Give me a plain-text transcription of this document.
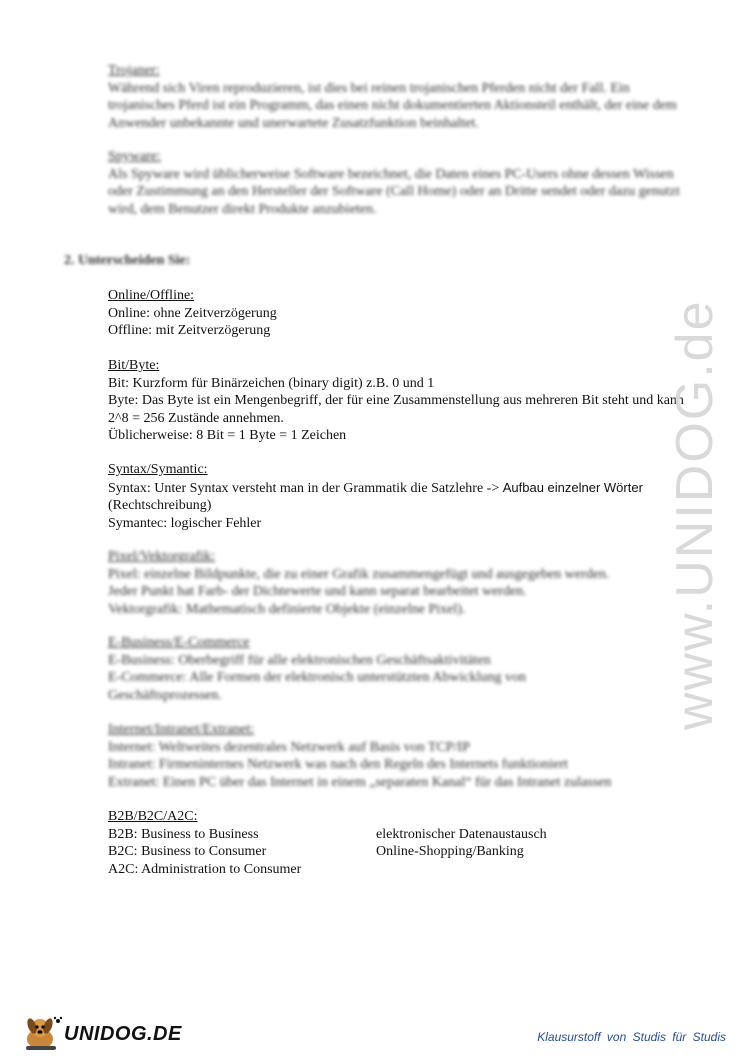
Trojaner:
Während sich Viren reproduzieren, ist dies bei reinen trojanischen Pferden nicht der Fall. Ein trojanisches Pferd ist ein Programm, das einen nicht dokumentierten Aktionsteil enthält, der eine dem Anwender unbekannte und unerwartete Zusatzfunktion beinhaltet.
Spyware:
Als Spyware wird üblicherweise Software bezeichnet, die Daten eines PC-Users ohne dessen Wissen oder Zustimmung an den Hersteller der Software (Call Home) oder an Dritte sendet oder dazu genutzt wird, dem Benutzer direkt Produkte anzubieten.
2. Unterscheiden Sie:
Online/Offline:
Online: ohne Zeitverzögerung
Offline: mit Zeitverzögerung
Bit/Byte:
Bit: Kurzform für Binärzeichen (binary digit) z.B. 0 und 1
Byte: Das Byte ist ein Mengenbegriff, der für eine Zusammenstellung aus mehreren Bit steht und kann 2^8 = 256 Zustände annehmen.
Üblicherweise: 8 Bit = 1 Byte = 1 Zeichen
Syntax/Symantic:
Syntax: Unter Syntax versteht man in der Grammatik die Satzlehre -> Aufbau einzelner Wörter
(Rechtschreibung)
Symantec: logischer Fehler
Pixel/Vektorgrafik:
Pixel: einzelne Bildpunkte, die zu einer Grafik zusammengefügt und ausgegeben werden.
Jeder Punkt hat Farb- der Dichtewerte und kann separat bearbeitet werden.
Vektorgrafik: Mathematisch definierte Objekte (einzelne Pixel).
E-Business/E-Commerce
E-Business: Oberbegriff für alle elektronischen Geschäftsaktivitäten
E-Commerce: Alle Formen der elektronisch unterstützten Abwicklung von
Geschäftsprozessen.
Internet/Intranet/Extranet:
Internet: Weltweites dezentrales Netzwerk auf Basis von TCP/IP
Intranet: Firmeninternes Netzwerk was nach den Regeln des Internets funktioniert
Extranet: Einen PC über das Internet in einem „separaten Kanal“ für das Intranet zulassen
B2B/B2C/A2C:
B2B: Business to Business	elektronischer Datenaustausch
B2C: Business to Consumer	Online-Shopping/Banking
A2C: Administration to Consumer
www.UNIDOG.de
UNIDOG.DE	Klausurstoff von Studis für Studis
